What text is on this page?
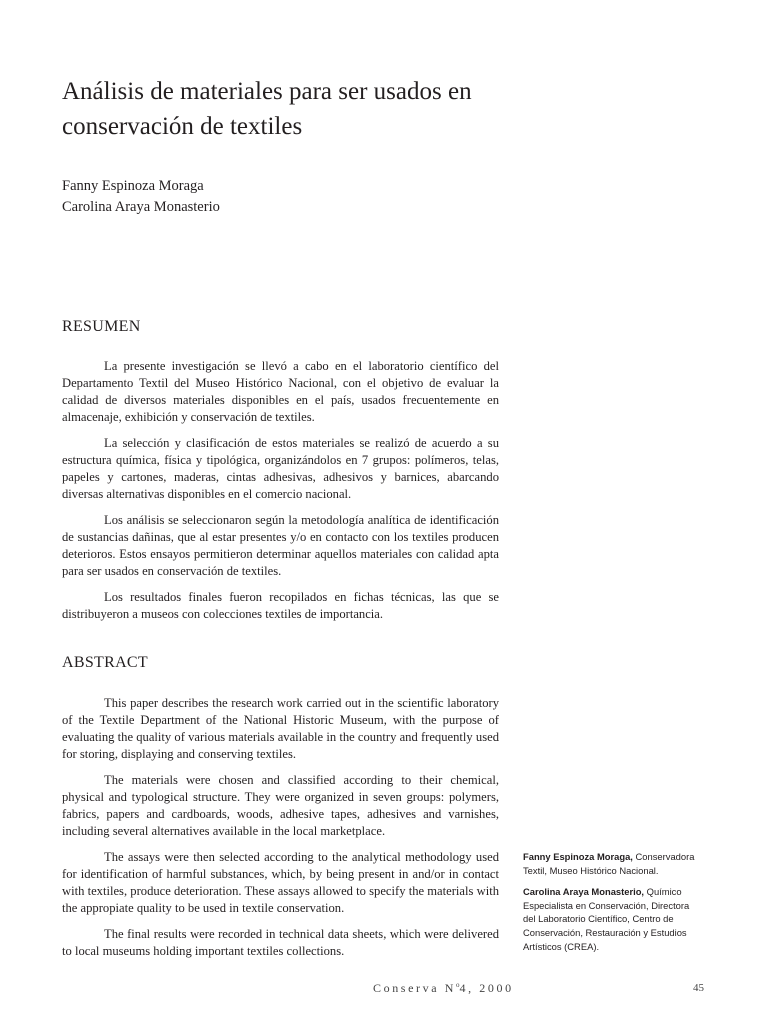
Análisis de materiales para ser usados en conservación de textiles
Fanny Espinoza Moraga
Carolina Araya Monasterio
RESUMEN

La presente investigación se llevó a cabo en el laboratorio científico del Departamento Textil del Museo Histórico Nacional, con el objetivo de evaluar la calidad de diversos materiales disponibles en el país, usados frecuentemente en almacenaje, exhibición y conservación de textiles.

La selección y clasificación de estos materiales se realizó de acuerdo a su estructura química, física y tipológica, organizándolos en 7 grupos: polímeros, telas, papeles y cartones, maderas, cintas adhesivas, adhesivos y barnices, abarcando diversas alternativas disponibles en el comercio nacional.

Los análisis se seleccionaron según la metodología analítica de identificación de sustancias dañinas, que al estar presentes y/o en contacto con los textiles producen deterioros. Estos ensayos permitieron determinar aquellos materiales con calidad apta para ser usados en conservación de textiles.

Los resultados finales fueron recopilados en fichas técnicas, las que se distribuyeron a museos con colecciones textiles de importancia.

ABSTRACT

This paper describes the research work carried out in the scientific laboratory of the Textile Department of the National Historic Museum, with the purpose of evaluating the quality of various materials available in the country and frequently used for storing, displaying and conserving textiles.

The materials were chosen and classified according to their chemical, physical and typological structure. They were organized in seven groups: polymers, fabrics, papers and cardboards, woods, adhesive tapes, adhesives and varnishes, including several alternatives available in the local marketplace.

The assays were then selected according to the analytical methodology used for identification of harmful substances, which, by being present in and/or in contact with textiles, produce deterioration. These assays allowed to specify the materials with the appropiate quality to be used in textile conservation.

The final results were recorded in technical data sheets, which were delivered to local museums holding important textiles collections.

Fanny Espinoza Moraga, Conservadora Textil, Museo Histórico Nacional.

Carolina Araya Monasterio, Químico Especialista en Conservación, Directora del Laboratorio Científico, Centro de Conservación, Restauración y Estudios Artísticos (CREA).

Conserva $N^o4$, 2000	45
